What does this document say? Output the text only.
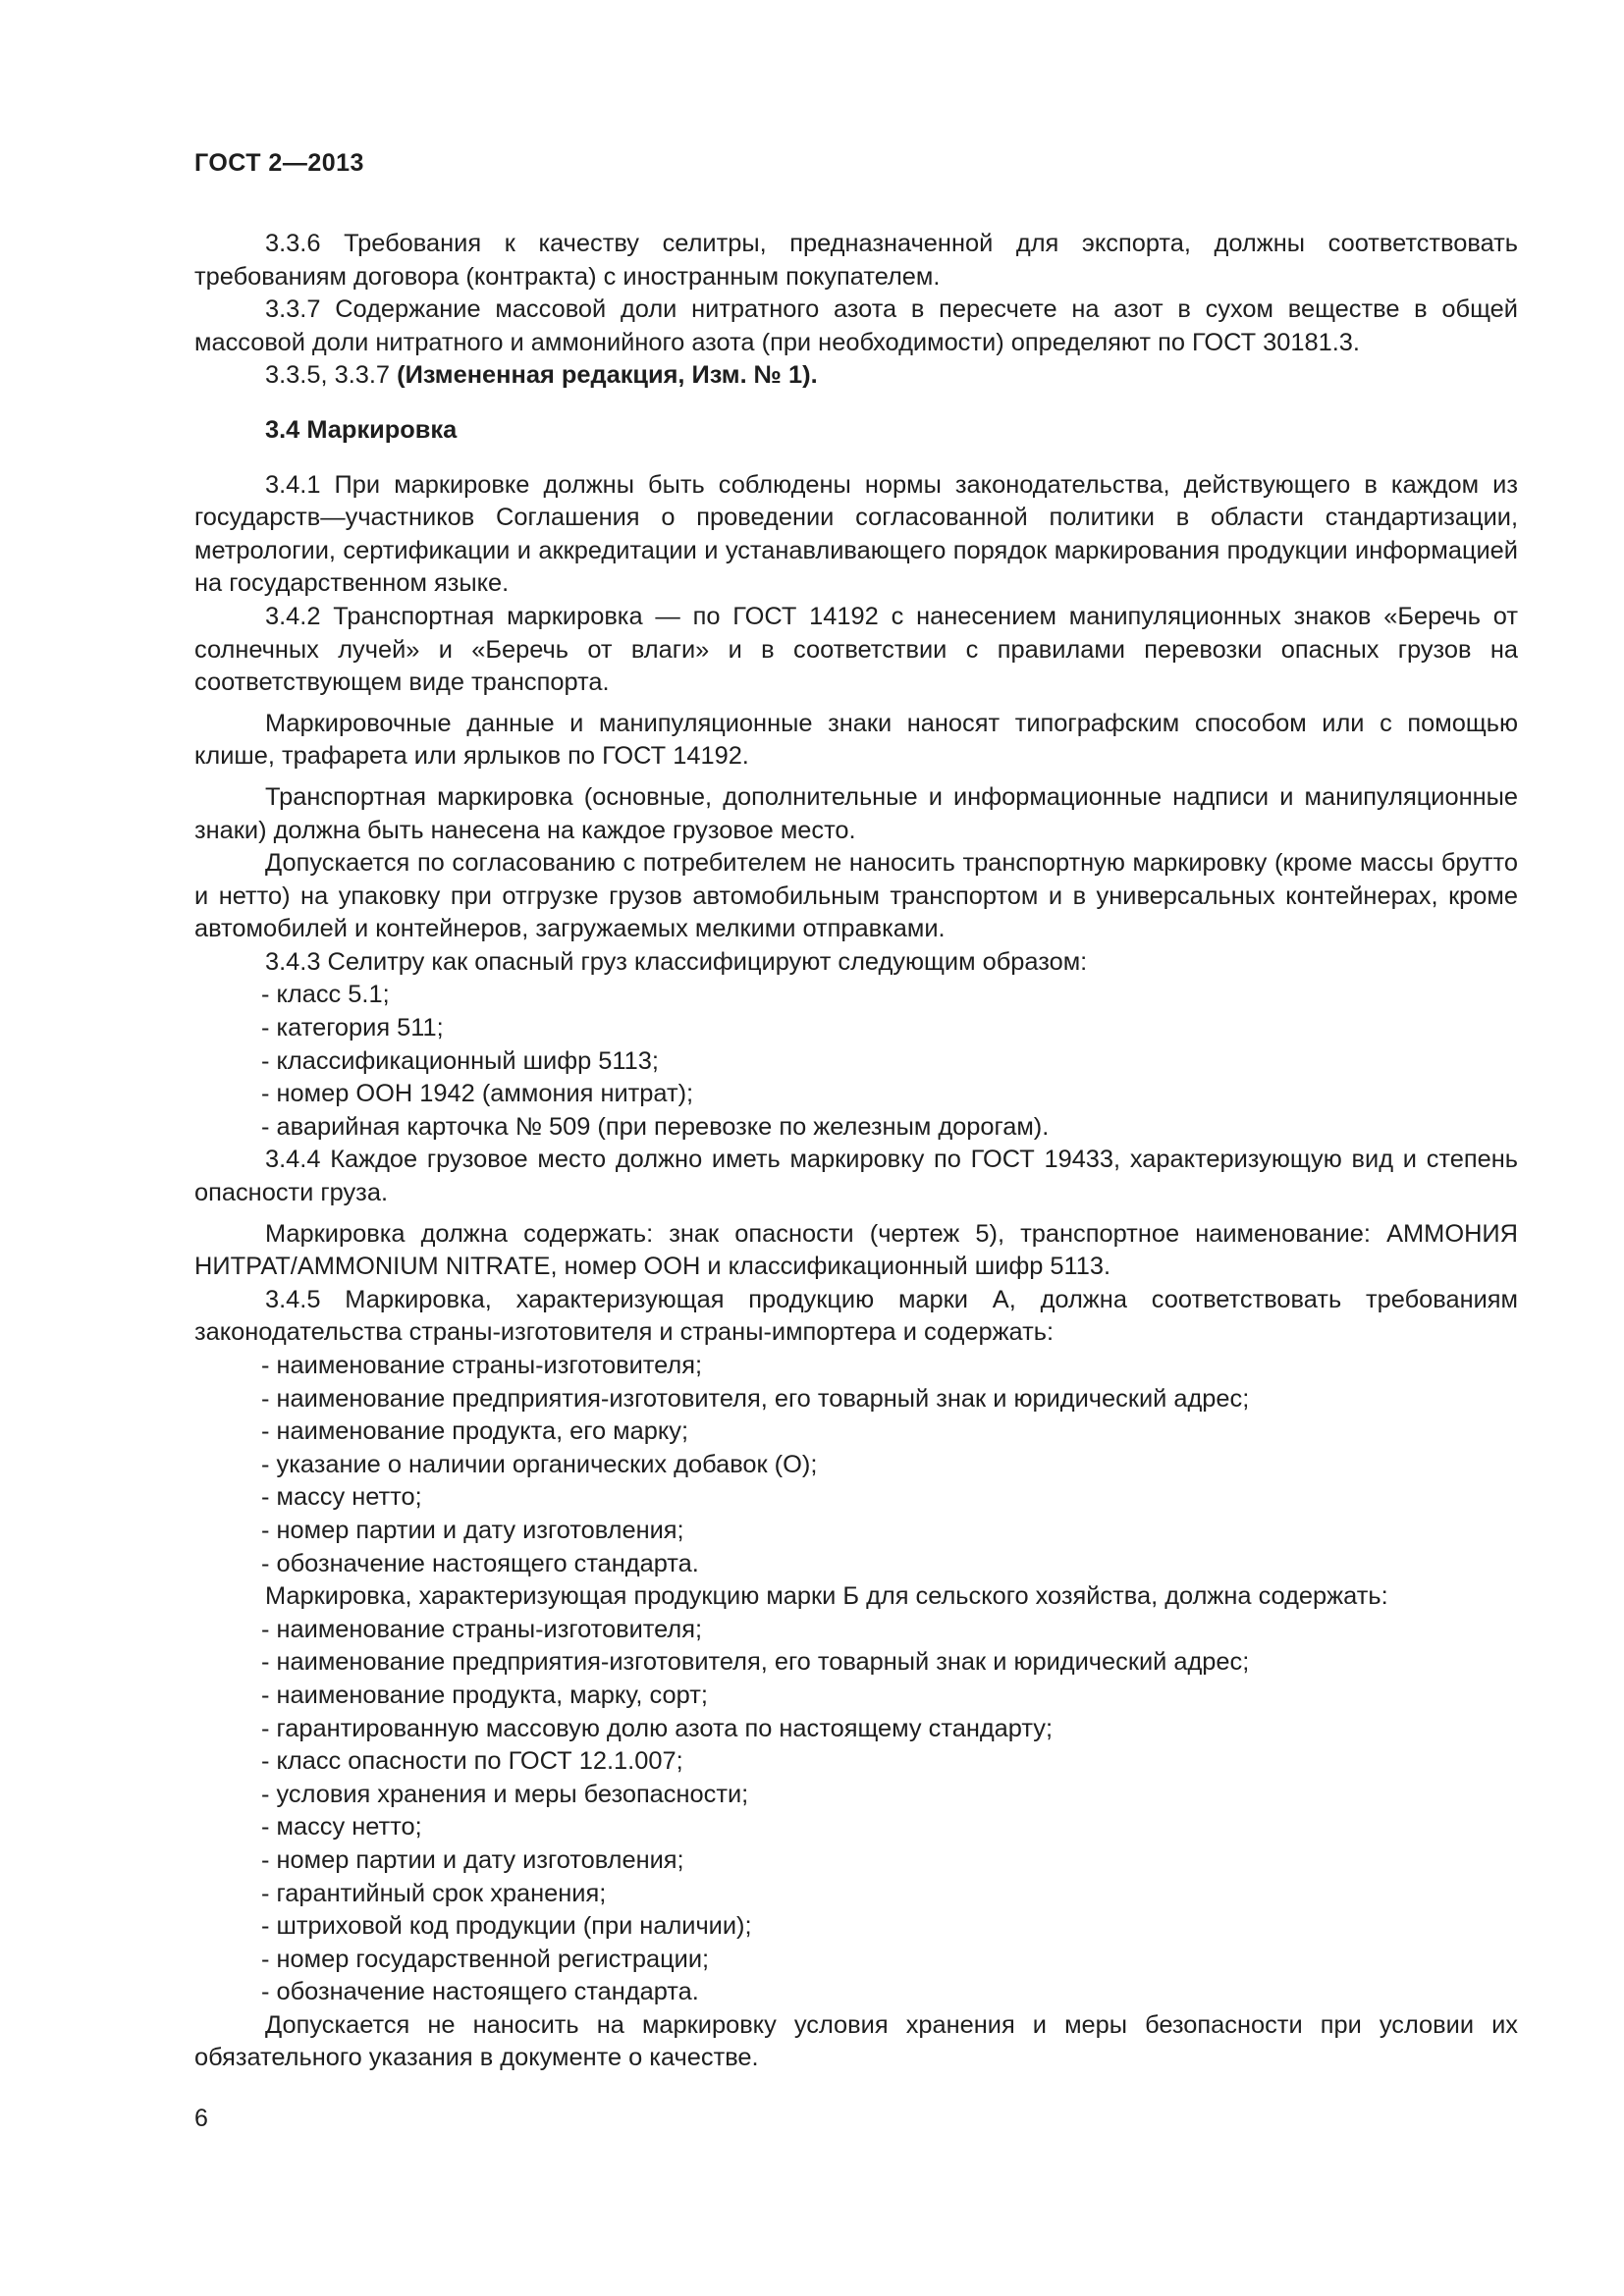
ГОСТ 2—2013

3.3.6 Требования к качеству селитры, предназначенной для экспорта, должны соответствовать требованиям договора (контракта) с иностранным покупателем.

3.3.7 Содержание массовой доли нитратного азота в пересчете на азот в сухом веществе в общей массовой доли нитратного и аммонийного азота (при необходимости) определяют по ГОСТ 30181.3.

3.3.5, 3.3.7 (Измененная редакция, Изм. № 1).

3.4 Маркировка

3.4.1 При маркировке должны быть соблюдены нормы законодательства, действующего в каждом из государств—участников Соглашения о проведении согласованной политики в области стандартизации, метрологии, сертификации и аккредитации и устанавливающего порядок маркирования продукции информацией на государственном языке.

3.4.2 Транспортная маркировка — по ГОСТ 14192 с нанесением манипуляционных знаков «Беречь от солнечных лучей» и «Беречь от влаги» и в соответствии с правилами перевозки опасных грузов на соответствующем виде транспорта.

Маркировочные данные и манипуляционные знаки наносят типографским способом или с помощью клише, трафарета или ярлыков по ГОСТ 14192.

Транспортная маркировка (основные, дополнительные и информационные надписи и манипуляционные знаки) должна быть нанесена на каждое грузовое место.

Допускается по согласованию с потребителем не наносить транспортную маркировку (кроме массы брутто и нетто) на упаковку при отгрузке грузов автомобильным транспортом и в универсальных контейнерах, кроме автомобилей и контейнеров, загружаемых мелкими отправками.

3.4.3 Селитру как опасный груз классифицируют следующим образом:

- класс 5.1;

- категория 511;

- классификационный шифр 5113;

- номер ООН 1942 (аммония нитрат);

- аварийная карточка № 509 (при перевозке по железным дорогам).

3.4.4 Каждое грузовое место должно иметь маркировку по ГОСТ 19433, характеризующую вид и степень опасности груза.

Маркировка должна содержать: знак опасности (чертеж 5), транспортное наименование: АММОНИЯ НИТРАТ/AMMONIUM NITRATE, номер ООН и классификационный шифр 5113.

3.4.5 Маркировка, характеризующая продукцию марки А, должна соответствовать требованиям законодательства страны-изготовителя и страны-импортера и содержать:

- наименование страны-изготовителя;

- наименование предприятия-изготовителя, его товарный знак и юридический адрес;

- наименование продукта, его марку;

- указание о наличии органических добавок (О);

- массу нетто;

- номер партии и дату изготовления;

- обозначение настоящего стандарта.

Маркировка, характеризующая продукцию марки Б для сельского хозяйства, должна содержать:

- наименование страны-изготовителя;

- наименование предприятия-изготовителя, его товарный знак и юридический адрес;

- наименование продукта, марку, сорт;

- гарантированную массовую долю азота по настоящему стандарту;

- класс опасности по ГОСТ 12.1.007;

- условия хранения и меры безопасности;

- массу нетто;

- номер партии и дату изготовления;

- гарантийный срок хранения;

- штриховой код продукции (при наличии);

- номер государственной регистрации;

- обозначение настоящего стандарта.

Допускается не наносить на маркировку условия хранения и меры безопасности при условии их обязательного указания в документе о качестве.

6
